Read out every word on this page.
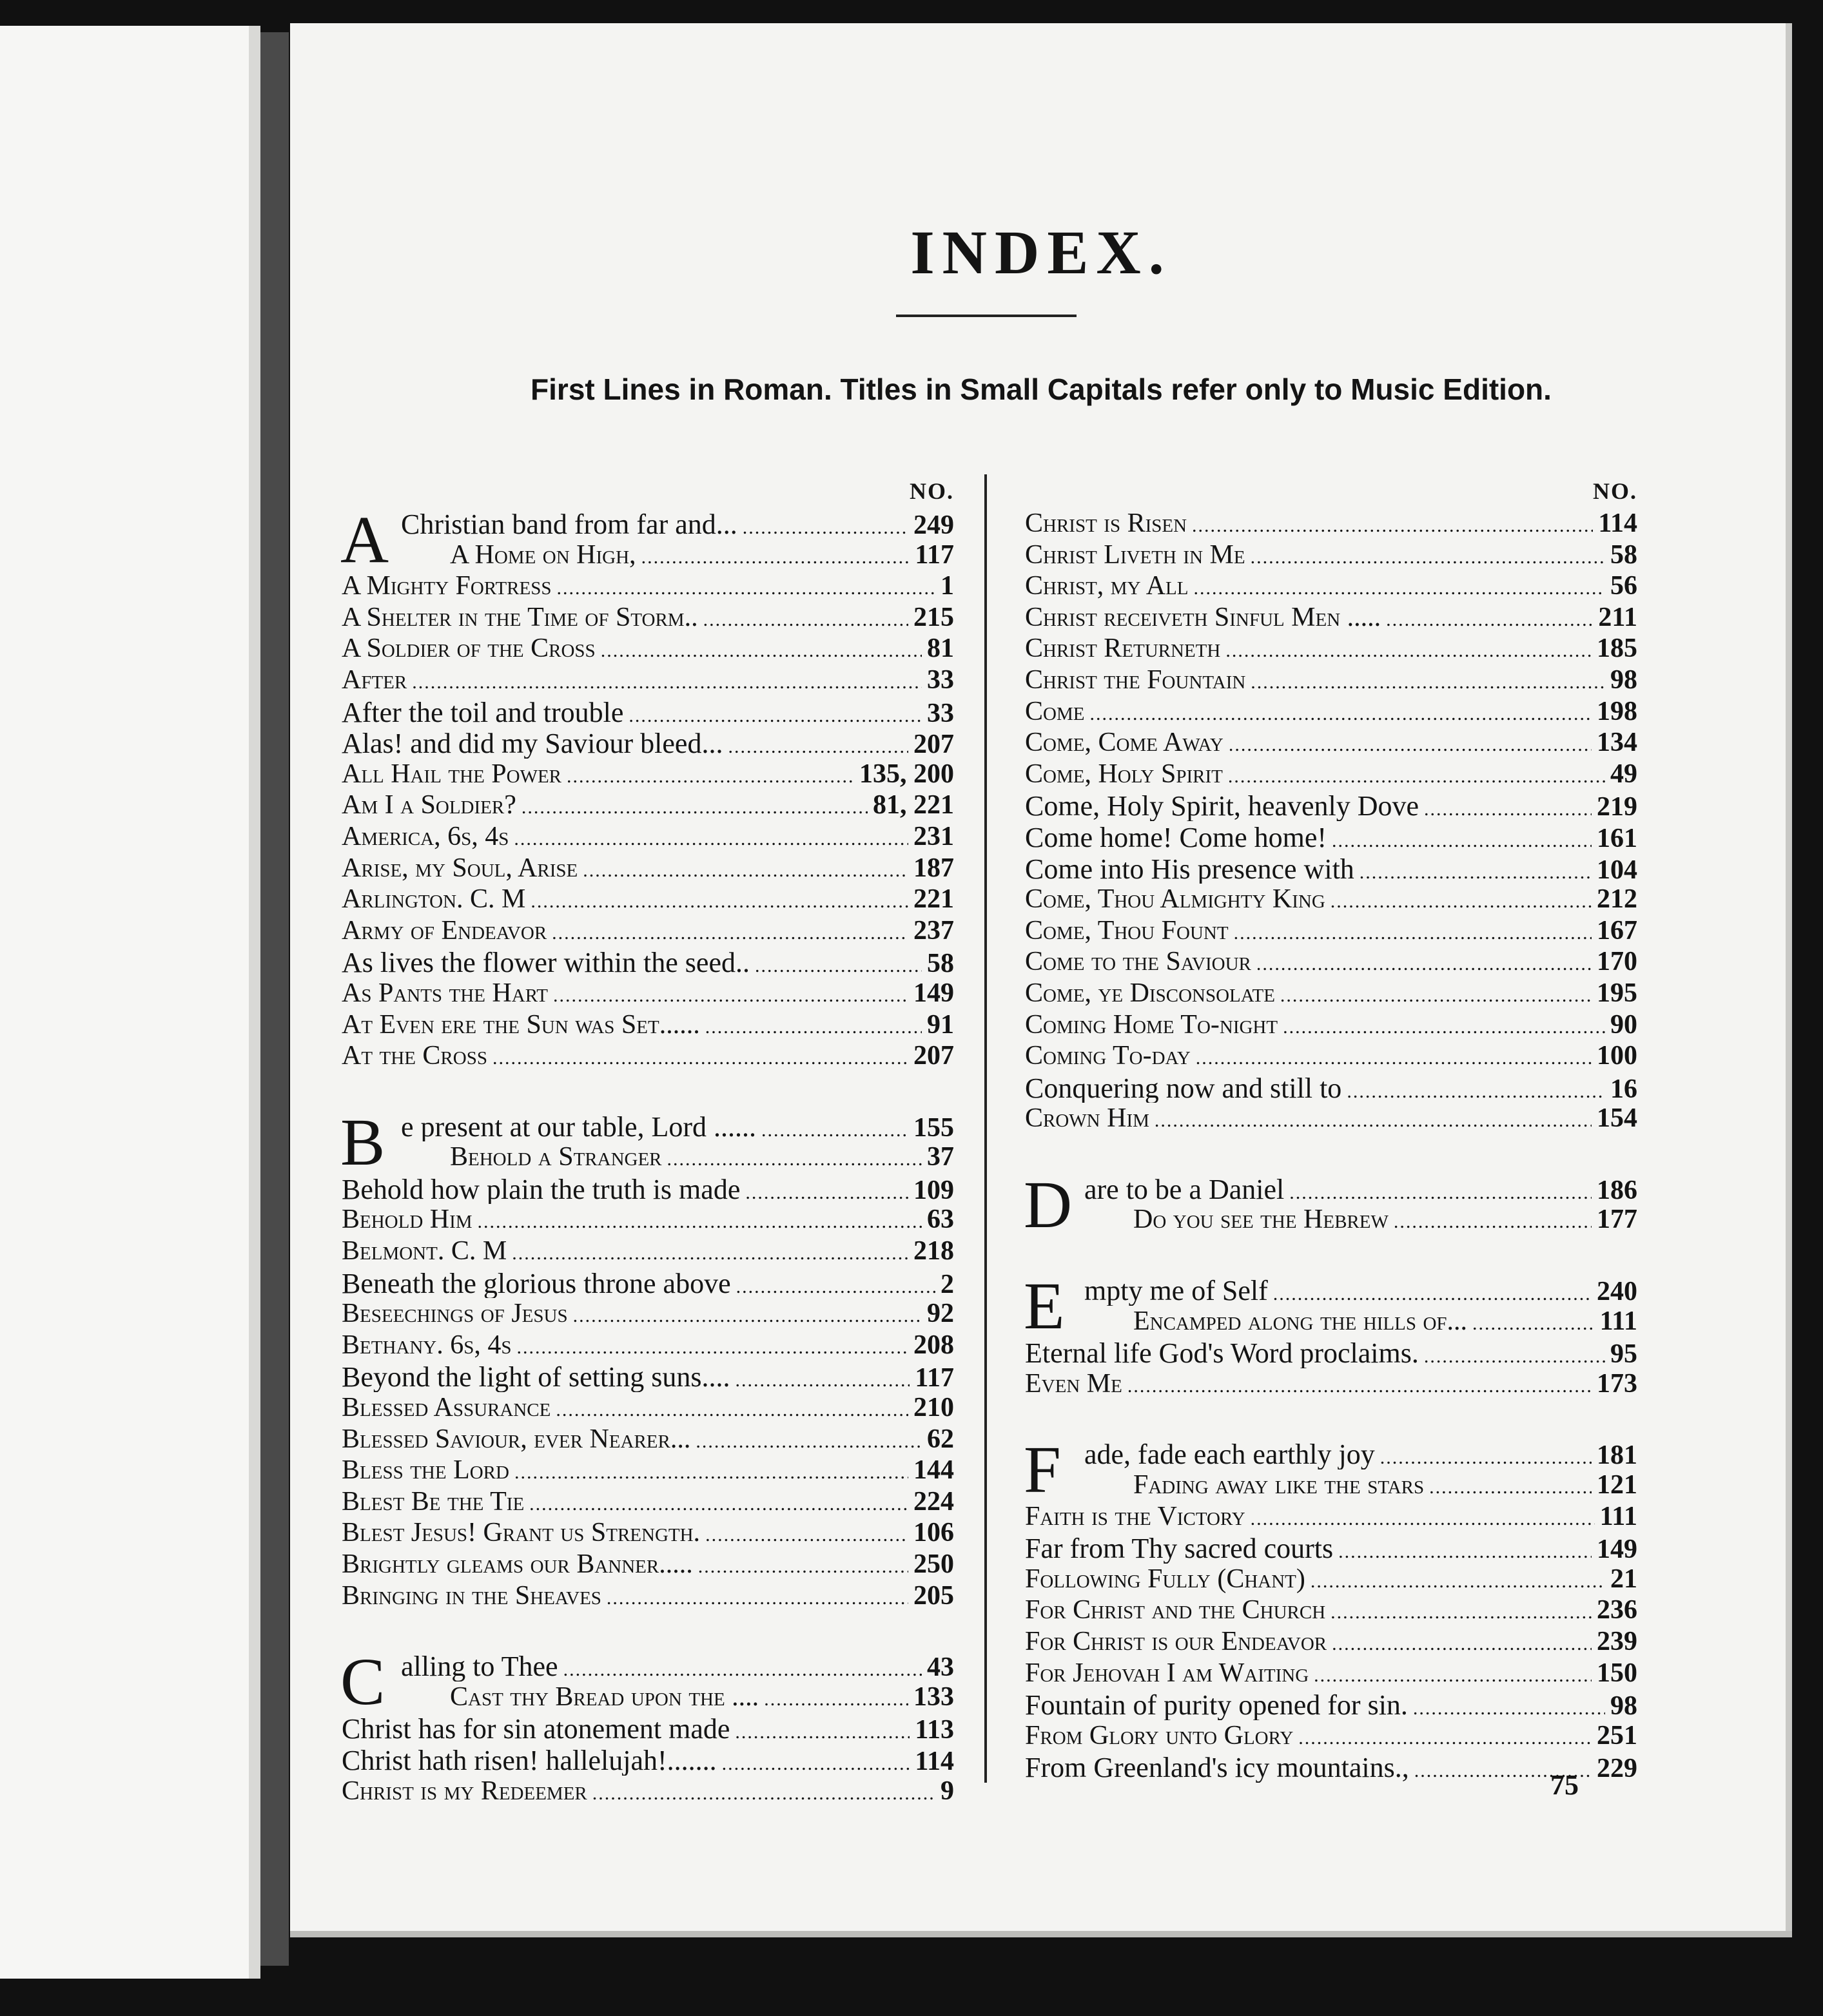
INDEX.
First Lines in Roman. Titles in Small Capitals refer only to Music Edition.
NO.
A Christian band from far and... .....	249
A Home on High, .....	117
A Mighty Fortress .....	1
A Shelter in the Time of Storm.. .....	215
A Soldier of the Cross .....	81
After .....	33
After the toil and trouble .....	33
Alas! and did my Saviour bleed... .....	207
All Hail the Power .....	135, 200
Am I a Soldier? .....	81, 221
America, 6s, 4s .....	231
Arise, my Soul, Arise .....	187
Arlington. C. M .....	221
Army of Endeavor .....	237
As lives the flower within the seed.. .....	58
As Pants the Hart .....	149
At Even ere the Sun was Set...... .....	91
At the Cross .....	207
B e present at our table, Lord ...... .....	155
Behold a Stranger .....	37
Behold how plain the truth is made .....	109
Behold Him .....	63
Belmont. C. M .....	218
Beneath the glorious throne above .....	2
Beseechings of Jesus .....	92
Bethany. 6s, 4s .....	208
Beyond the light of setting suns.... .....	117
Blessed Assurance .....	210
Blessed Saviour, ever Nearer... .....	62
Bless the Lord .....	144
Blest Be the Tie .....	224
Blest Jesus! Grant us Strength. .....	106
Brightly gleams our Banner..... .....	250
Bringing in the Sheaves .....	205
C alling to Thee .....	43
Cast thy Bread upon the .... .....	133
Christ has for sin atonement made .....	113
Christ hath risen! hallelujah!....... .....	114
Christ is my Redeemer .....	9
NO.
Christ is Risen .....	114
Christ Liveth in Me .....	58
Christ, my All .....	56
Christ receiveth Sinful Men ..... .....	211
Christ Returneth .....	185
Christ the Fountain .....	98
Come .....	198
Come, Come Away .....	134
Come, Holy Spirit .....	49
Come, Holy Spirit, heavenly Dove .....	219
Come home! Come home! .....	161
Come into His presence with .....	104
Come, Thou Almighty King .....	212
Come, Thou Fount .....	167
Come to the Saviour .....	170
Come, ye Disconsolate .....	195
Coming Home To-night .....	90
Coming To-day .....	100
Conquering now and still to .....	16
Crown Him .....	154
D are to be a Daniel .....	186
Do you see the Hebrew .....	177
E mpty me of Self .....	240
Encamped along the hills of... .....	111
Eternal life God's Word proclaims. .....	95
Even Me .....	173
F ade, fade each earthly joy .....	181
Fading away like the stars .....	121
Faith is the Victory .....	111
Far from Thy sacred courts .....	149
Following Fully (Chant) .....	21
For Christ and the Church .....	236
For Christ is our Endeavor .....	239
For Jehovah I am Waiting .....	150
Fountain of purity opened for sin. .....	98
From Glory unto Glory .....	251
From Greenland's icy mountains., .....	229
75
